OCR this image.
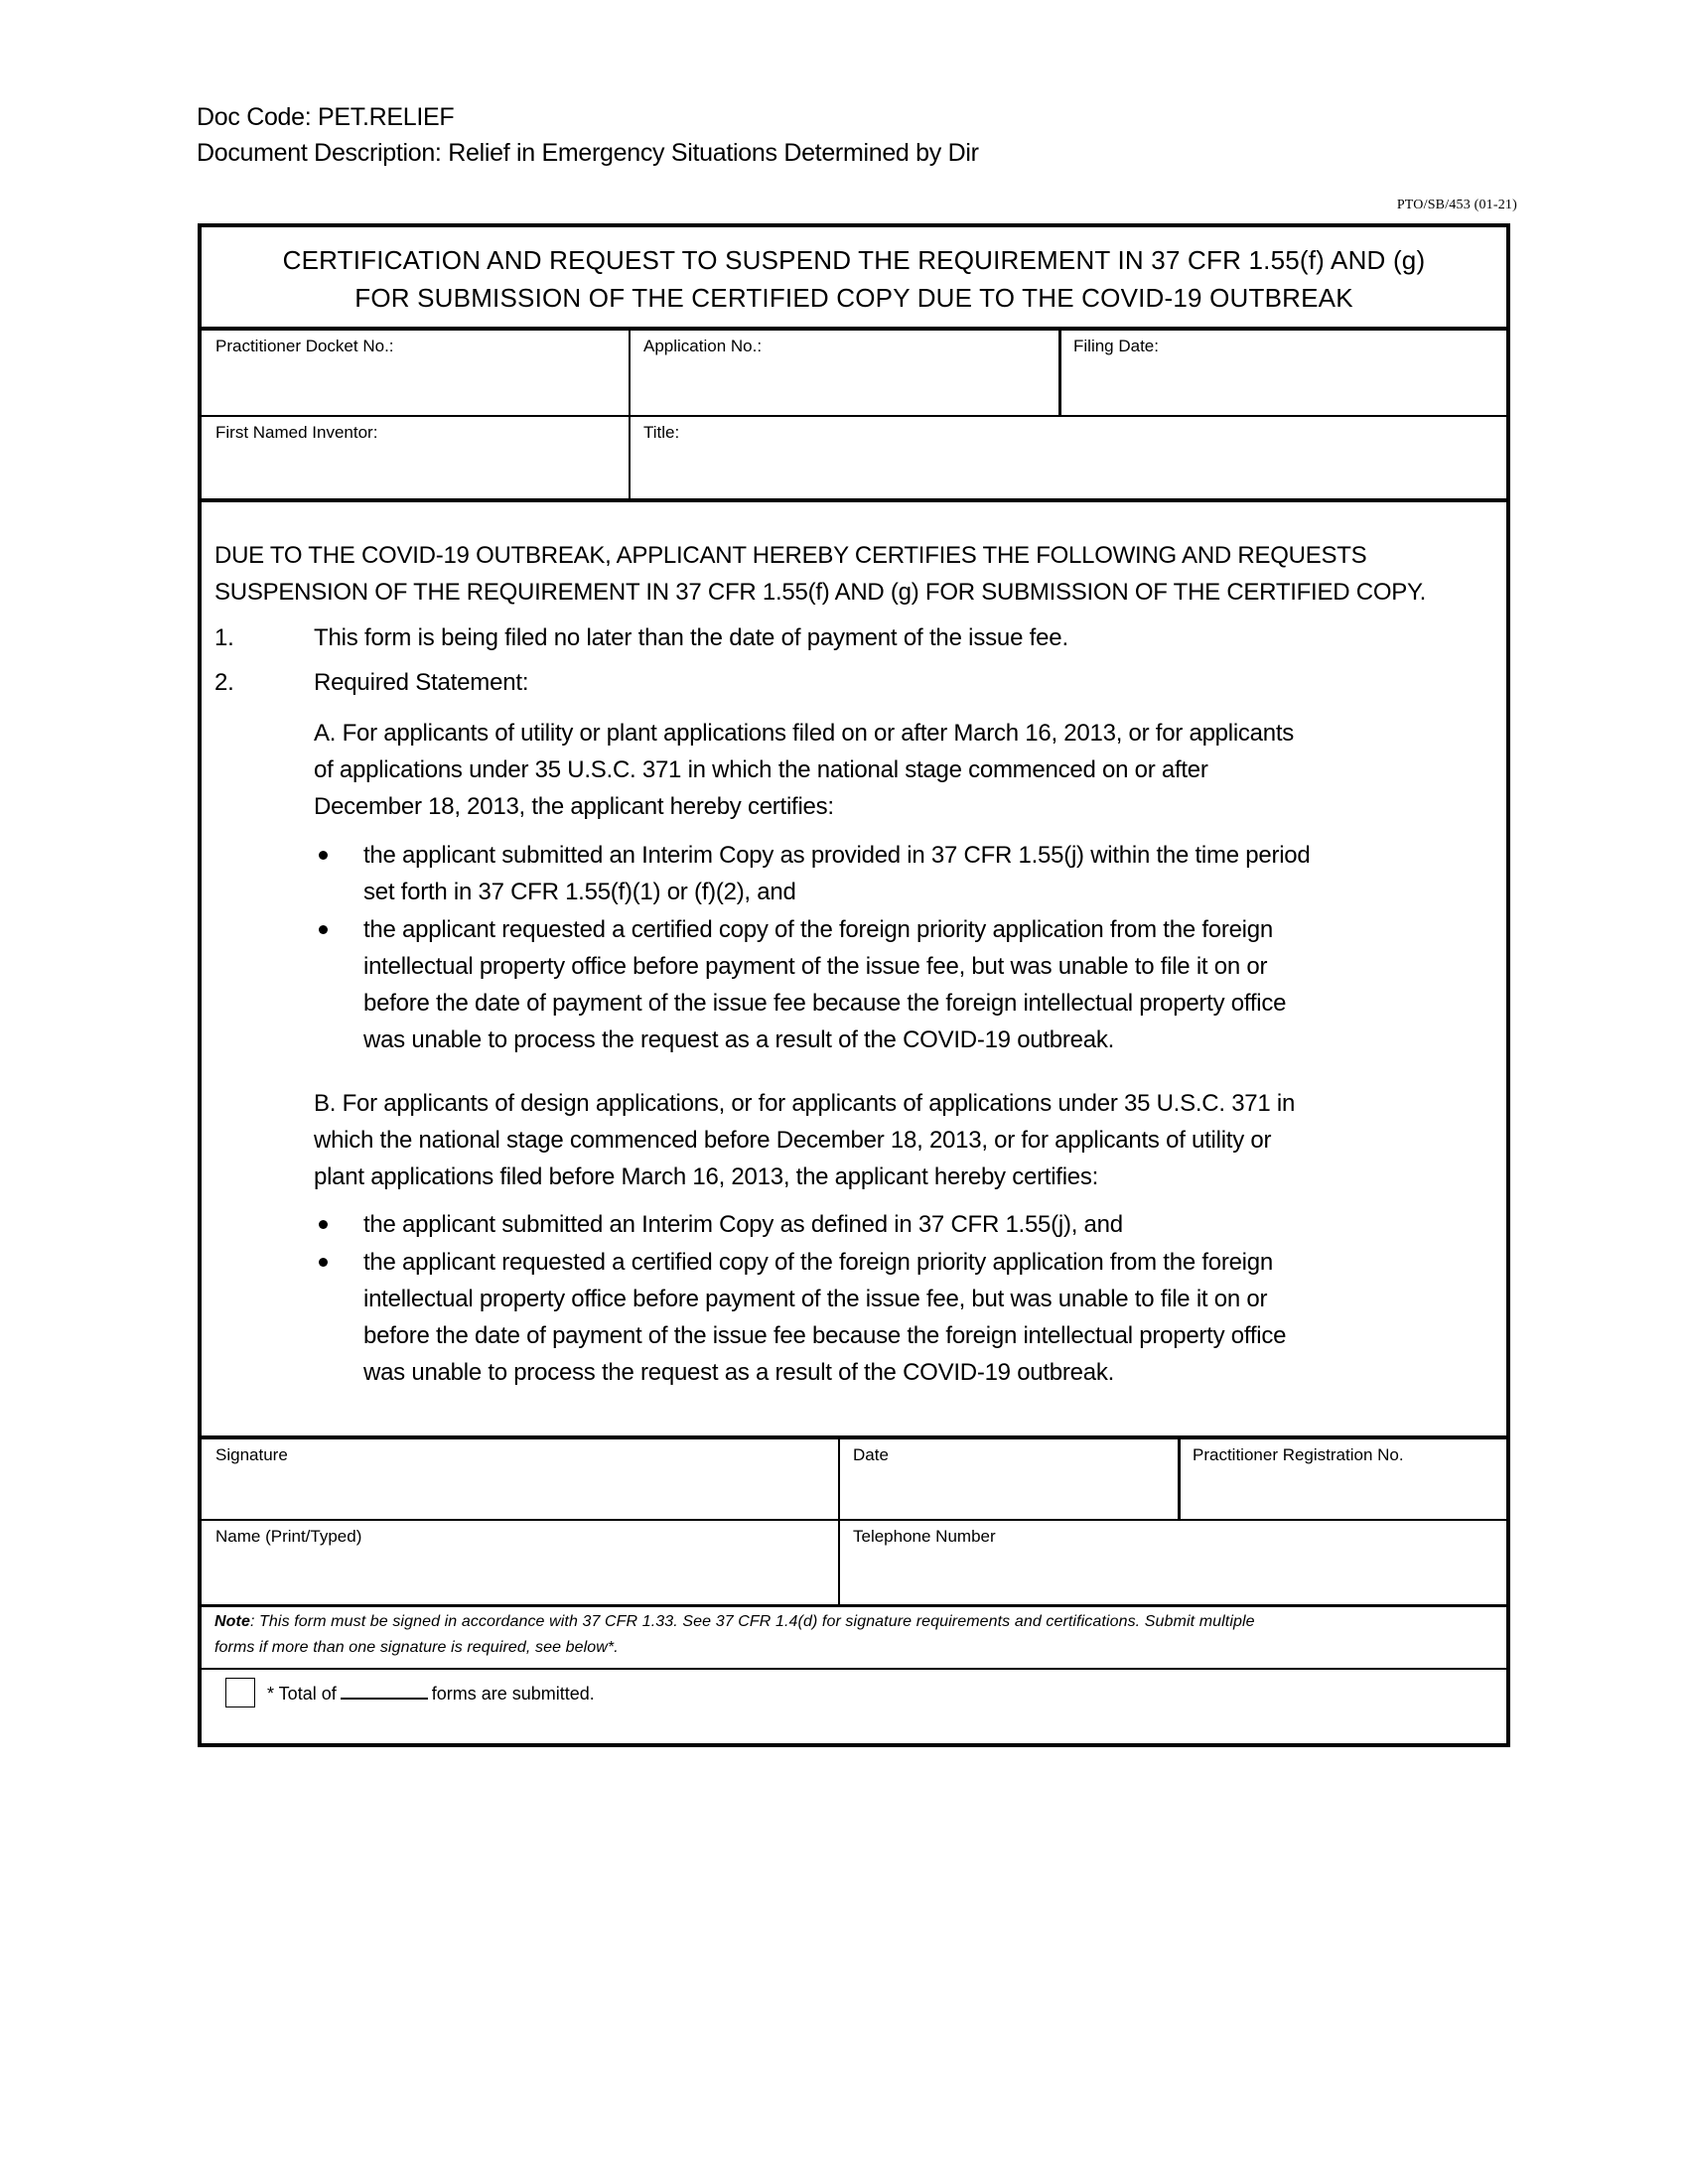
Doc Code: PET.RELIEF
Document Description: Relief in Emergency Situations Determined by Dir
PTO/SB/453 (01-21)
CERTIFICATION AND REQUEST TO SUSPEND THE REQUIREMENT IN 37 CFR 1.55(f) AND (g)
FOR SUBMISSION OF THE CERTIFIED COPY DUE TO THE COVID-19 OUTBREAK
Practitioner Docket No.:	Application No.:	Filing Date:
First Named Inventor:	Title:
DUE TO THE COVID-19 OUTBREAK, APPLICANT HEREBY CERTIFIES THE FOLLOWING AND REQUESTS
SUSPENSION OF THE REQUIREMENT IN 37 CFR 1.55(f) AND (g) FOR SUBMISSION OF THE CERTIFIED COPY.
1.	This form is being filed no later than the date of payment of the issue fee.
2.	Required Statement:
A. For applicants of utility or plant applications filed on or after March 16, 2013, or for applicants
of applications under 35 U.S.C. 371 in which the national stage commenced on or after
December 18, 2013, the applicant hereby certifies:
the applicant submitted an Interim Copy as provided in 37 CFR 1.55(j) within the time period
set forth in 37 CFR 1.55(f)(1) or (f)(2), and
the applicant requested a certified copy of the foreign priority application from the foreign
intellectual property office before payment of the issue fee, but was unable to file it on or
before the date of payment of the issue fee because the foreign intellectual property office
was unable to process the request as a result of the COVID-19 outbreak.
B. For applicants of design applications, or for applicants of applications under 35 U.S.C. 371 in
which the national stage commenced before December 18, 2013, or for applicants of utility or
plant applications filed before March 16, 2013, the applicant hereby certifies:
the applicant submitted an Interim Copy as defined in 37 CFR 1.55(j), and
the applicant requested a certified copy of the foreign priority application from the foreign
intellectual property office before payment of the issue fee, but was unable to file it on or
before the date of payment of the issue fee because the foreign intellectual property office
was unable to process the request as a result of the COVID-19 outbreak.
Signature	Date	Practitioner Registration No.
Name (Print/Typed)	Telephone Number
Note: This form must be signed in accordance with 37 CFR 1.33. See 37 CFR 1.4(d) for signature requirements and certifications. Submit multiple
forms if more than one signature is required, see below*.
* Total of	forms are submitted.
